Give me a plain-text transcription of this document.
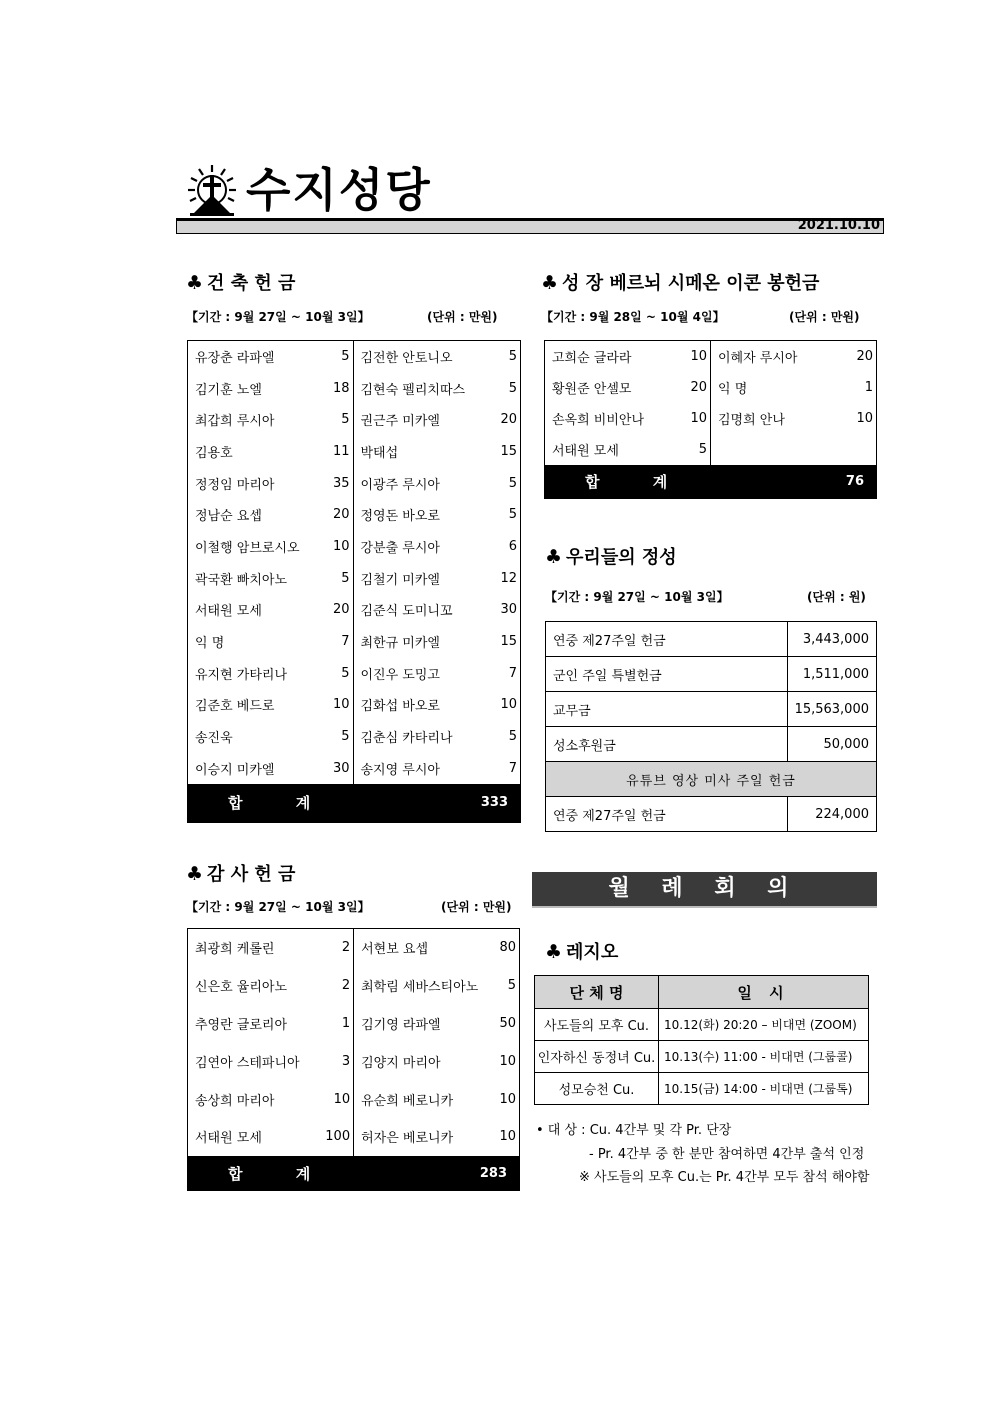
수지성당
2021.10.10
♣ 건 축 헌 금
【기간 : 9월 27일 ~ 10월 3일】	(단위 : 만원)
유장춘 라파엘	5	김전한 안토니오	5
김기훈 노엘	18	김현숙 펠리치따스	5
최갑희 루시아	5	권근주 미카엘	20
김용호	11	박태섭	15
정정임 마리아	35	이광주 루시아	5
정남순 요셉	20	정영돈 바오로	5
이철행 암브로시오	10	강분출 루시아	6
곽국환 빠치아노	5	김철기 미카엘	12
서태원 모세	20	김준식 도미니꼬	30
익 명	7	최한규 미카엘	15
유지현 가타리나	5	이진우 도밍고	7
김준호 베드로	10	김화섭 바오로	10
송진욱	5	김춘심 카타리나	5
이승지 미카엘	30	송지영 루시아	7
합 계		333	
♣ 성 장 베르뇌 시메온 이콘 봉헌금
【기간 : 9월 28일 ~ 10월 4일】	(단위 : 만원)
고희순 글라라	10	이혜자 루시아	20
황원준 안셀모	20	익 명	1
손옥희 비비안나	10	김명희 안나	10
서태원 모세	5		
합 계		76	
♣ 우리들의 정성
【기간 : 9월 27일 ~ 10월 3일】	(단위 : 원)
연중 제27주일 헌금	3,443,000
군인 주일 특별헌금	1,511,000
교무금	15,563,000
성소후원금	50,000
유튜브 영상 미사 주일 헌금	
연중 제27주일 헌금	224,000
♣ 감 사 헌 금
【기간 : 9월 27일 ~ 10월 3일】	(단위 : 만원)
최광희 케롤린	2	서현보 요셉	80
신은호 율리아노	2	최학림 세바스티아노	5
추영란 글로리아	1	김기영 라파엘	50
김연아 스테파니아	3	김양지 마리아	10
송상희 마리아	10	유순희 베로니카	10
서태원 모세	100	허자은 베로니카	10
합 계		283	
월 례 회 의
♣ 레지오
단 체 명	일 시
사도들의 모후 Cu.	10.12(화) 20:20 – 비대면 (ZOOM)
인자하신 동정녀 Cu.	10.13(수) 11:00 - 비대면 (그룹콜)
성모승천 Cu.	10.15(금) 14:00 - 비대면 (그룹톡)
• 대 상 : Cu. 4간부 및 각 Pr. 단장
- Pr. 4간부 중 한 분만 참여하면 4간부 출석 인정
※ 사도들의 모후 Cu.는 Pr. 4간부 모두 참석 해야함
